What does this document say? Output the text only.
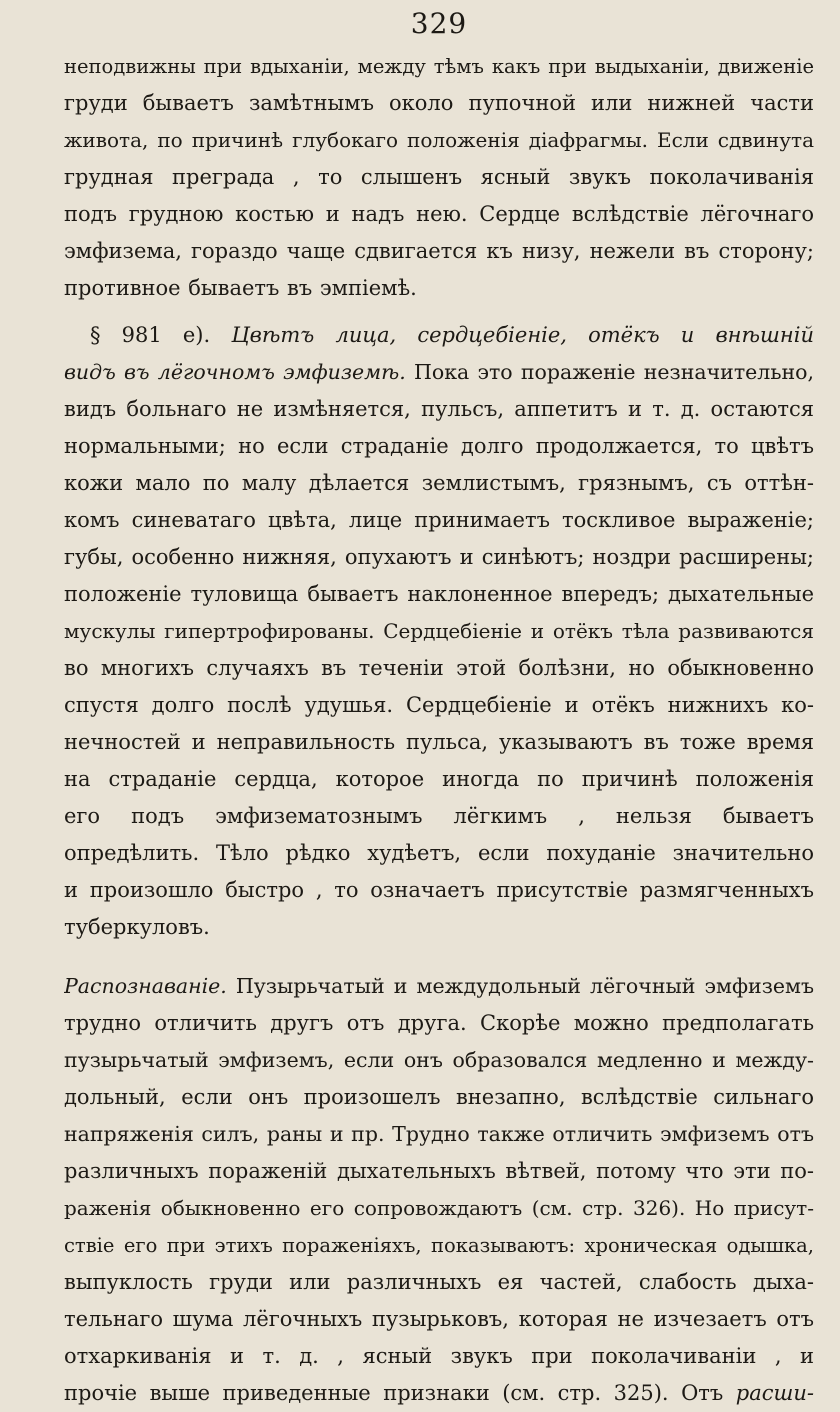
329
неподвижны при вдыханіи, между тѣмъ какъ при выдыханіи, движеніе
груди бываетъ замѣтнымъ около пупочной или нижней части
живота, по причинѣ глубокаго положенія діафрагмы. Если сдвинута
грудная преграда , то слышенъ ясный звукъ поколачиванія
подъ грудною костью и надъ нею. Сердце вслѣдствіе лёгочнаго
эмфизема, гораздо чаще сдвигается къ низу, нежели въ сторону;
противное бываетъ въ эмпіемѣ.
§ 981 е). Цвѣтъ лица, сердцебіеніе, отёкъ и внѣшній
видъ въ лёгочномъ эмфиземѣ. Пока это пораженіе незначительно,
видъ больнаго не измѣняется, пульсъ, аппетитъ и т. д. остаются
нормальными; но если страданіе долго продолжается, то цвѣтъ
кожи мало по малу дѣлается землистымъ, грязнымъ, съ оттѣн-
комъ синеватаго цвѣта, лице принимаетъ тоскливое выраженіе;
губы, особенно нижняя, опухаютъ и синѣютъ; ноздри расширены;
положеніе туловища бываетъ наклоненное впередъ; дыхательные
мускулы гипертрофированы. Сердцебіеніе и отёкъ тѣла развиваются
во многихъ случаяхъ въ теченіи этой болѣзни, но обыкновенно
спустя долго послѣ удушья. Сердцебіеніе и отёкъ нижнихъ ко-
нечностей и неправильность пульса, указываютъ въ тоже время
на страданіе сердца, которое иногда по причинѣ положенія
его подъ эмфизематознымъ лёгкимъ , нельзя бываетъ
опредѣлить. Тѣло рѣдко худѣетъ, если похуданіе значительно
и произошло быстро , то означаетъ присутствіе размягченныхъ
туберкуловъ.
Распознаваніе. Пузырьчатый и междудольный лёгочный эмфиземъ
трудно отличить другъ отъ друга. Скорѣе можно предполагать
пузырьчатый эмфиземъ, если онъ образовался медленно и между-
дольный, если онъ произошелъ внезапно, вслѣдствіе сильнаго
напряженія силъ, раны и пр. Трудно также отличить эмфиземъ отъ
различныхъ пораженій дыхательныхъ вѣтвей, потому что эти по-
раженія обыкновенно его сопровождаютъ (см. стр. 326). Но присут-
ствіе его при этихъ пораженіяхъ, показываютъ: хроническая одышка,
выпуклость груди или различныхъ ея частей, слабость дыха-
тельнаго шума лёгочныхъ пузырьковъ, которая не изчезаетъ отъ
отхаркиванія и т. д. , ясный звукъ при поколачиваніи , и
прочіе выше приведенные признаки (см. стр. 325). Отъ расши-
